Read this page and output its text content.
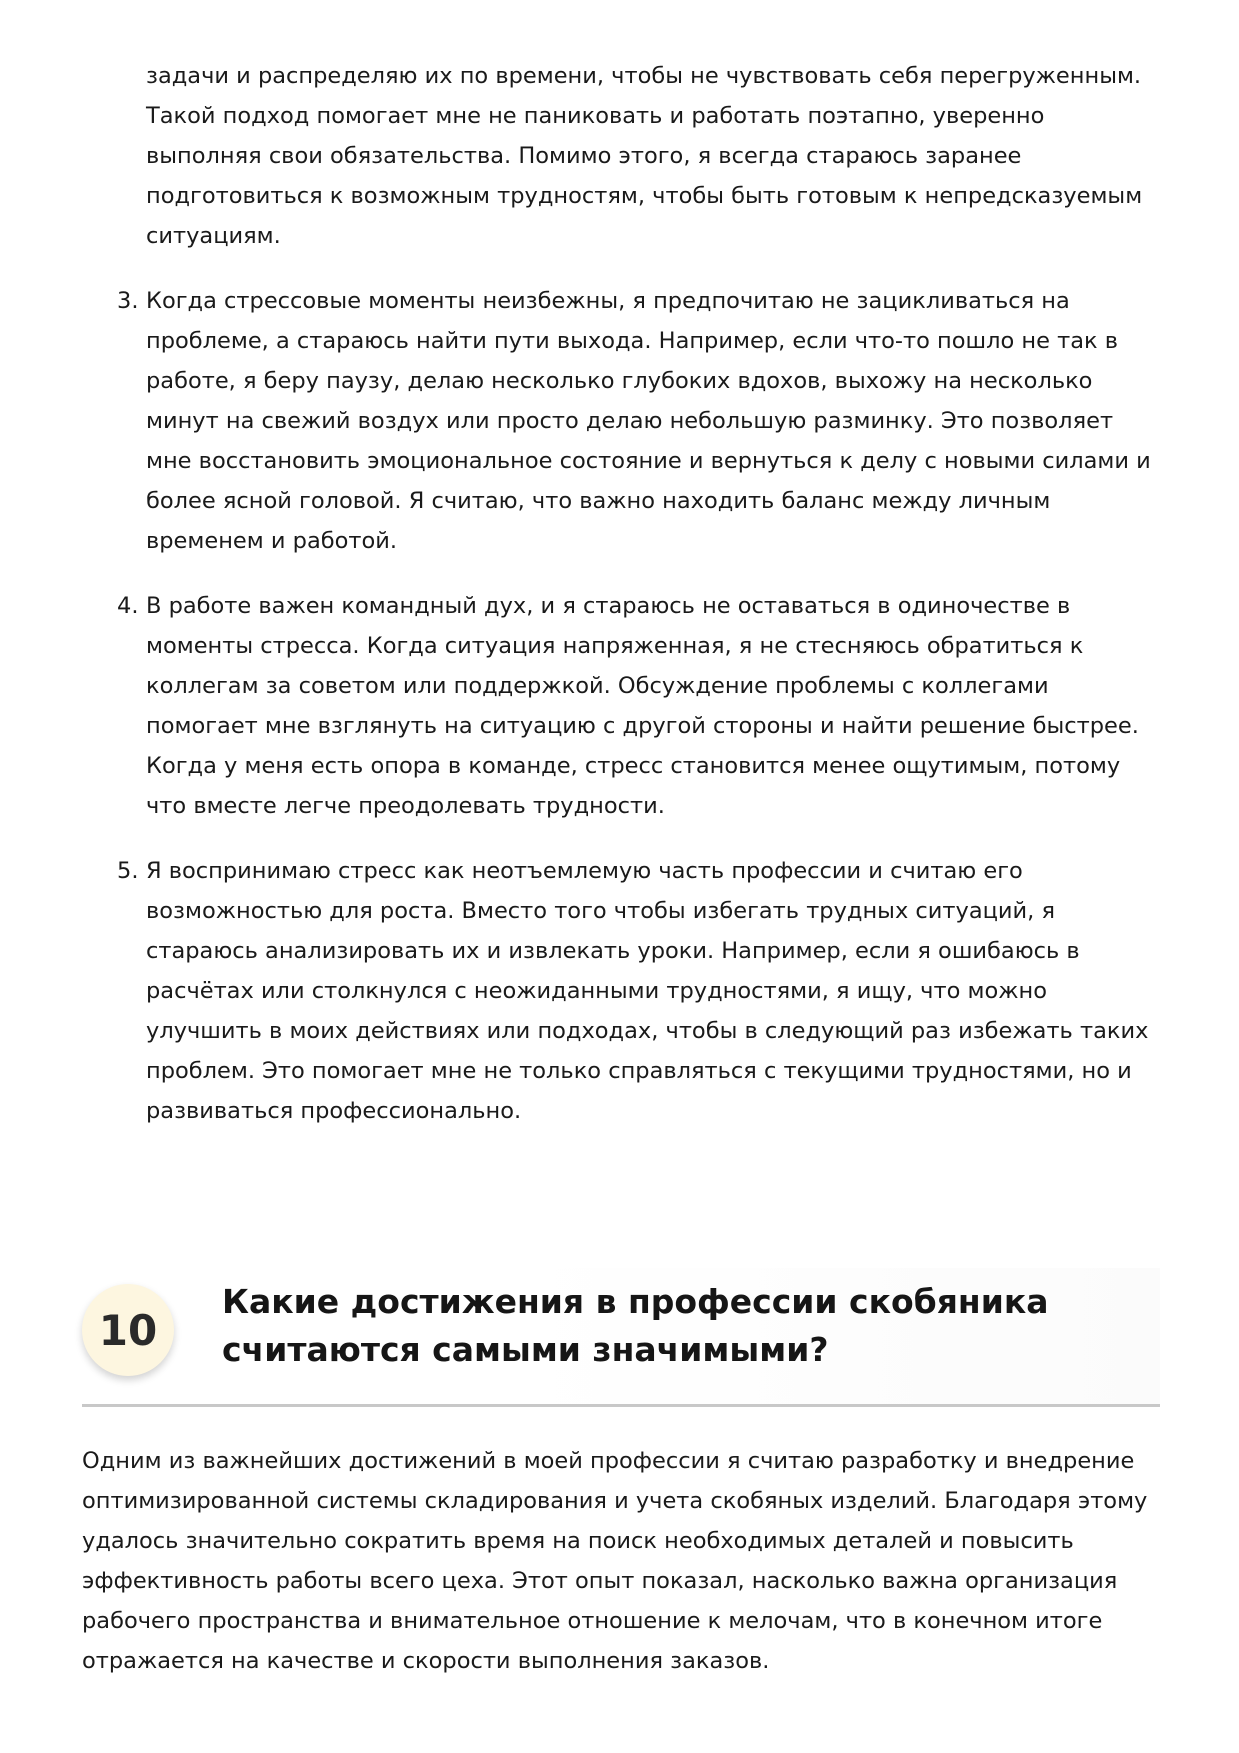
задачи и распределяю их по времени, чтобы не чувствовать себя перегруженным. Такой подход помогает мне не паниковать и работать поэтапно, уверенно выполняя свои обязательства. Помимо этого, я всегда стараюсь заранее подготовиться к возможным трудностям, чтобы быть готовым к непредсказуемым ситуациям.
3. Когда стрессовые моменты неизбежны, я предпочитаю не зацикливаться на проблеме, а стараюсь найти пути выхода. Например, если что-то пошло не так в работе, я беру паузу, делаю несколько глубоких вдохов, выхожу на несколько минут на свежий воздух или просто делаю небольшую разминку. Это позволяет мне восстановить эмоциональное состояние и вернуться к делу с новыми силами и более ясной головой. Я считаю, что важно находить баланс между личным временем и работой.
4. В работе важен командный дух, и я стараюсь не оставаться в одиночестве в моменты стресса. Когда ситуация напряженная, я не стесняюсь обратиться к коллегам за советом или поддержкой. Обсуждение проблемы с коллегами помогает мне взглянуть на ситуацию с другой стороны и найти решение быстрее. Когда у меня есть опора в команде, стресс становится менее ощутимым, потому что вместе легче преодолевать трудности.
5. Я воспринимаю стресс как неотъемлемую часть профессии и считаю его возможностью для роста. Вместо того чтобы избегать трудных ситуаций, я стараюсь анализировать их и извлекать уроки. Например, если я ошибаюсь в расчётах или столкнулся с неожиданными трудностями, я ищу, что можно улучшить в моих действиях или подходах, чтобы в следующий раз избежать таких проблем. Это помогает мне не только справляться с текущими трудностями, но и развиваться профессионально.
10
Какие достижения в профессии скобяника считаются самыми значимыми?

Одним из важнейших достижений в моей профессии я считаю разработку и внедрение оптимизированной системы складирования и учета скобяных изделий. Благодаря этому удалось значительно сократить время на поиск необходимых деталей и повысить эффективность работы всего цеха. Этот опыт показал, насколько важна организация рабочего пространства и внимательное отношение к мелочам, что в конечном итоге отражается на качестве и скорости выполнения заказов.
